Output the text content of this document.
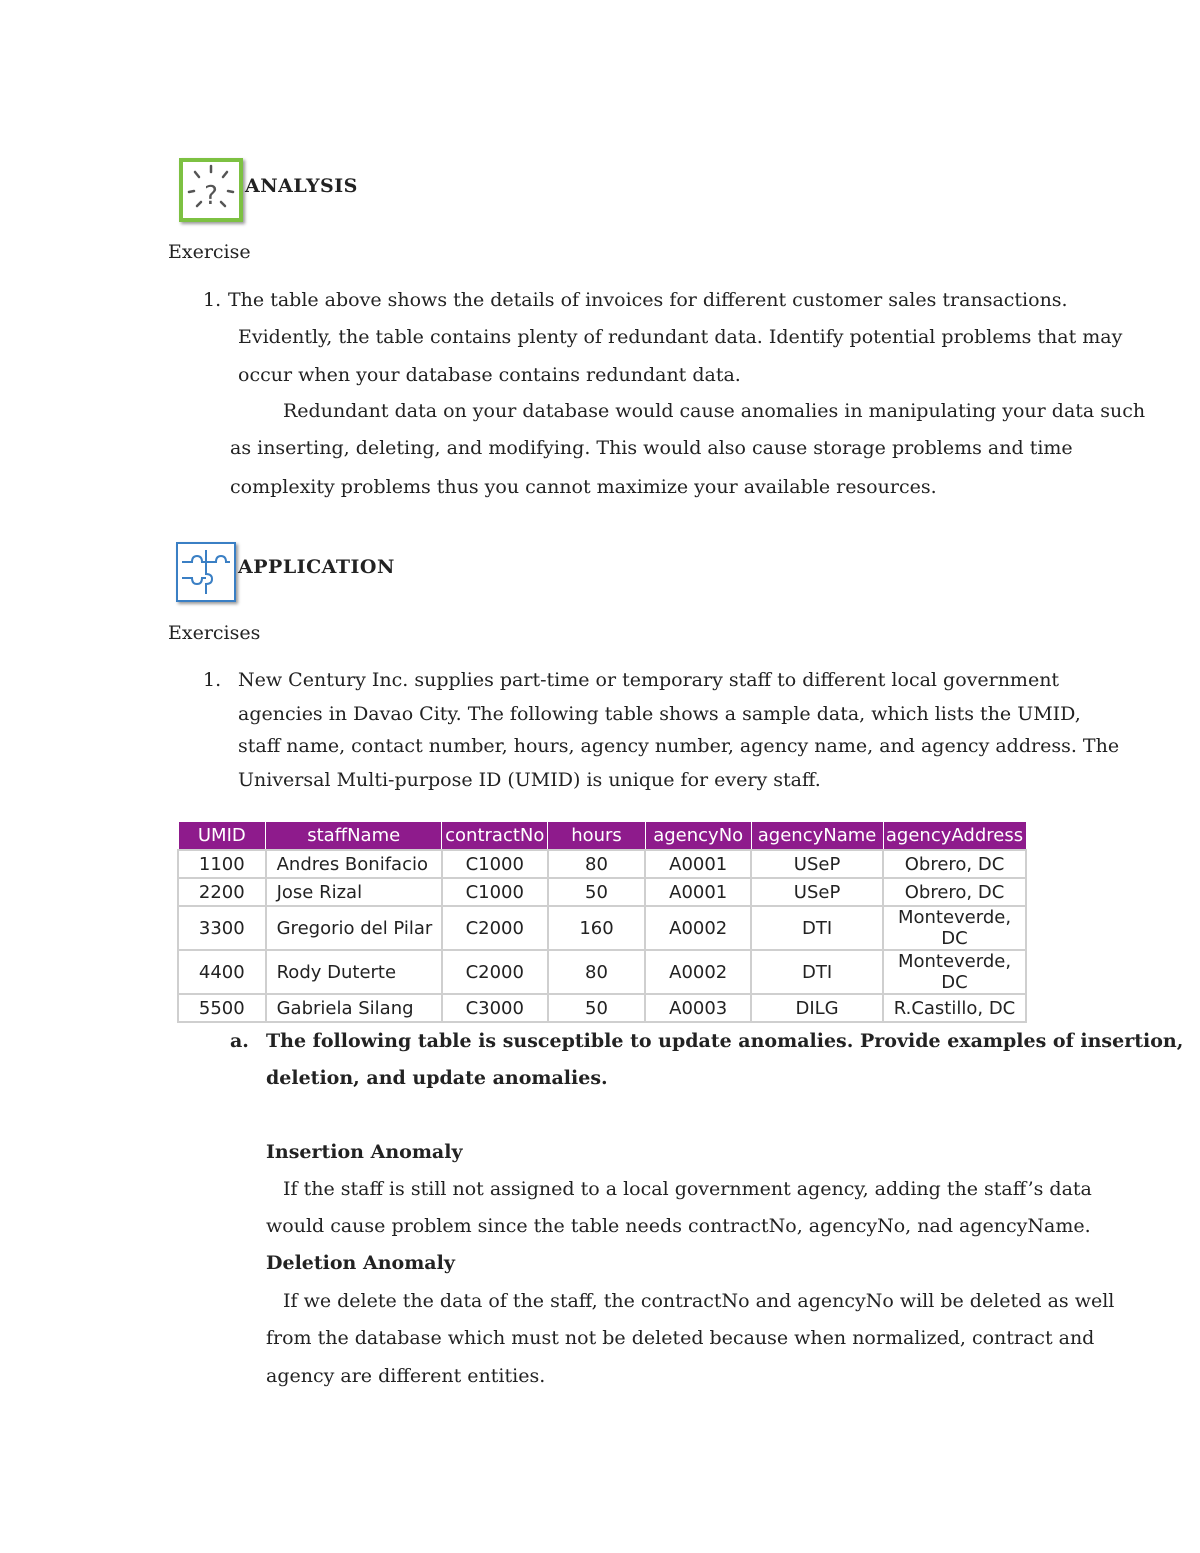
? ANALYSIS
Exercise
1. The table above shows the details of invoices for different customer sales transactions.
Evidently, the table contains plenty of redundant data. Identify potential problems that may
occur when your database contains redundant data.
Redundant data on your database would cause anomalies in manipulating your data such
as inserting, deleting, and modifying. This would also cause storage problems and time
complexity problems thus you cannot maximize your available resources.
APPLICATION
Exercises
1. New Century Inc. supplies part-time or temporary staff to different local government
agencies in Davao City. The following table shows a sample data, which lists the UMID,
staff name, contact number, hours, agency number, agency name, and agency address. The
Universal Multi-purpose ID (UMID) is unique for every staff.
UMID	staffName	contractNo	hours	agencyNo	agencyName	agencyAddress
1100	Andres Bonifacio	C1000	80	A0001	USeP	Obrero, DC
2200	Jose Rizal	C1000	50	A0001	USeP	Obrero, DC
3300	Gregorio del Pilar	C2000	160	A0002	DTI	Monteverde, DC
4400	Rody Duterte	C2000	80	A0002	DTI	Monteverde, DC
5500	Gabriela Silang	C3000	50	A0003	DILG	R.Castillo, DC
a. The following table is susceptible to update anomalies. Provide examples of insertion,
deletion, and update anomalies.
Insertion Anomaly
If the staff is still not assigned to a local government agency, adding the staff’s data
would cause problem since the table needs contractNo, agencyNo, nad agencyName.
Deletion Anomaly
If we delete the data of the staff, the contractNo and agencyNo will be deleted as well
from the database which must not be deleted because when normalized, contract and
agency are different entities.
